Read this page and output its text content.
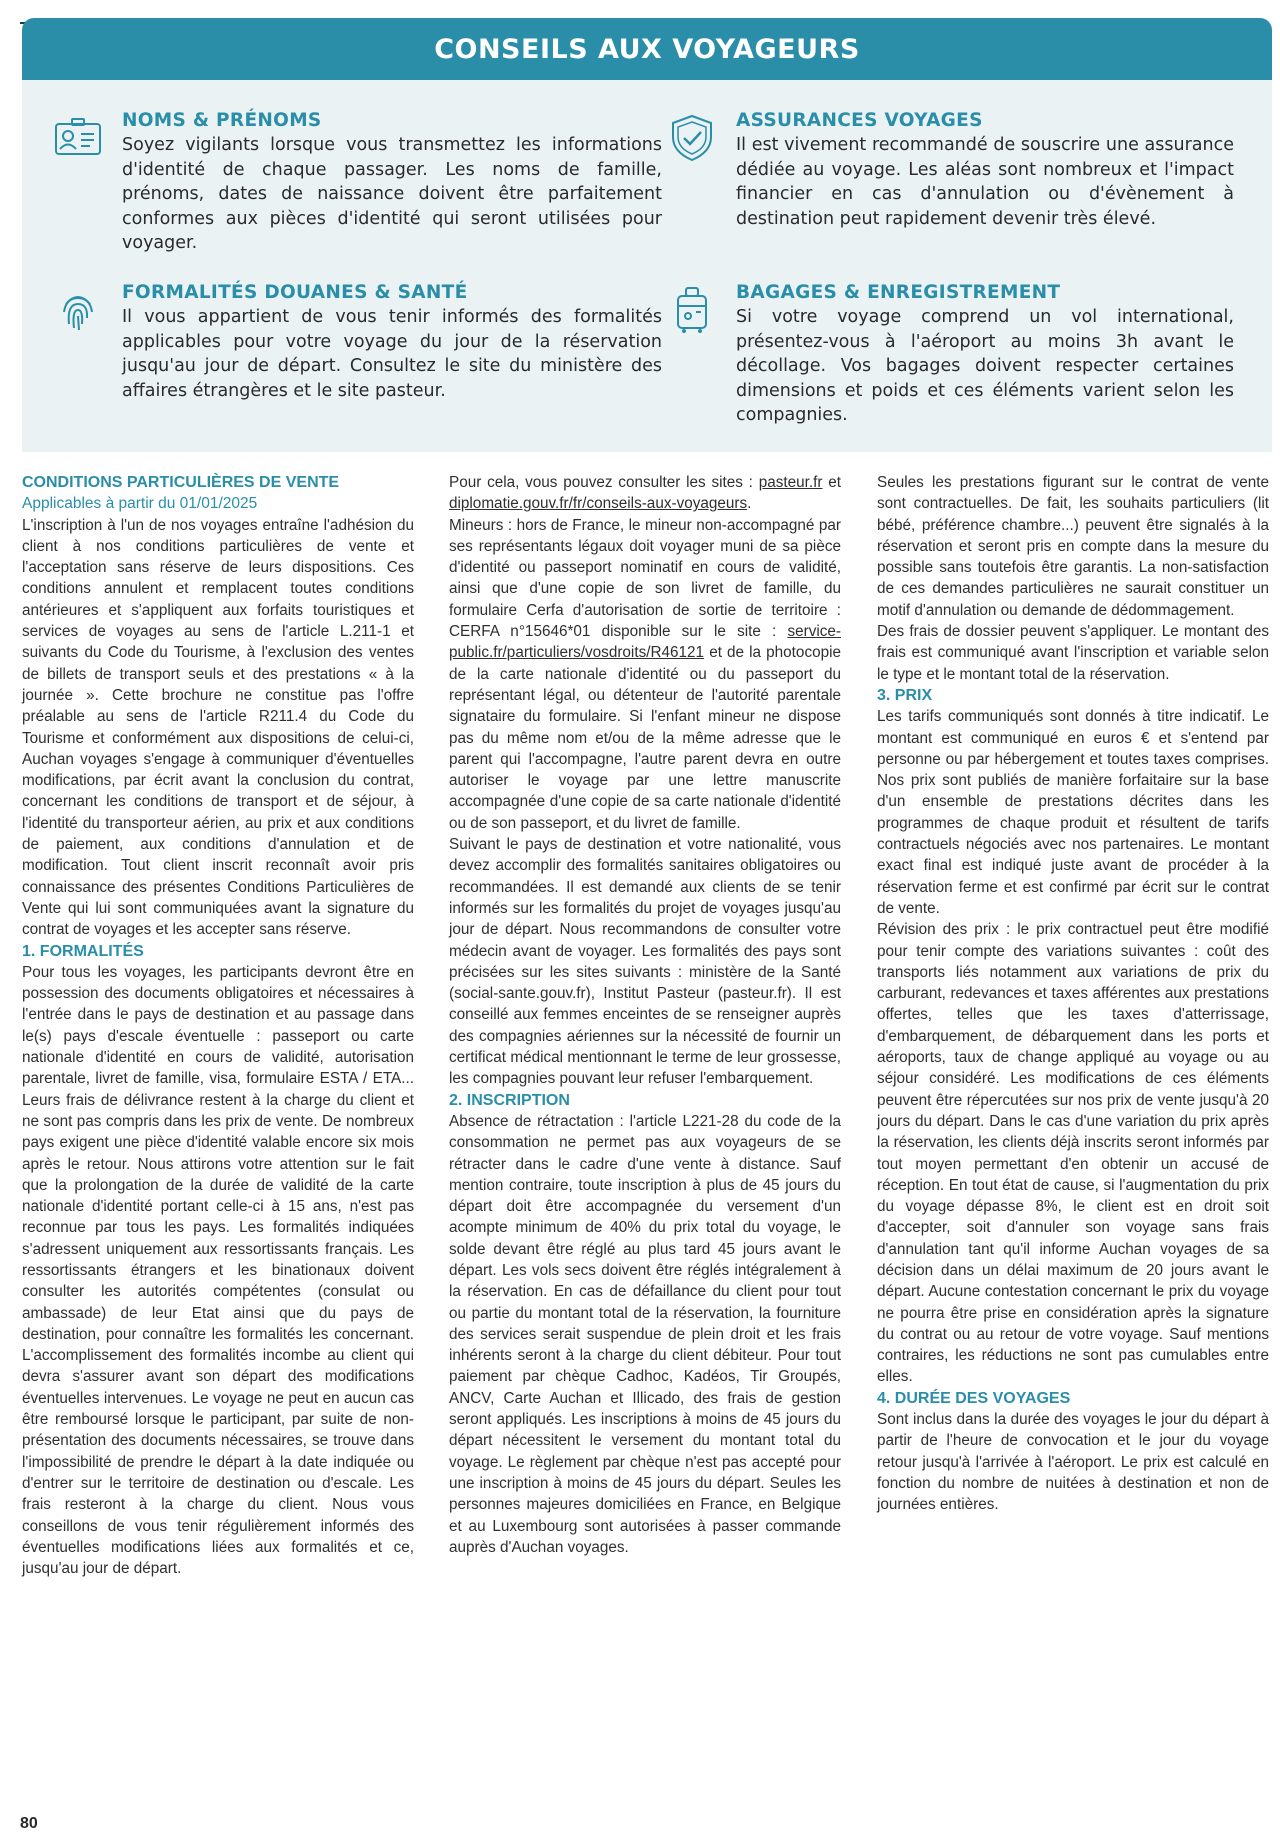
CONSEILS AUX VOYAGEURS
NOMS & PRÉNOMS

Soyez vigilants lorsque vous transmettez les informations d'identité de chaque passager. Les noms de famille, prénoms, dates de naissance doivent être parfaitement conformes aux pièces d'identité qui seront utilisées pour voyager.

ASSURANCES VOYAGES

Il est vivement recommandé de souscrire une assurance dédiée au voyage. Les aléas sont nombreux et l'impact financier en cas d'annulation ou d'évènement à destination peut rapidement devenir très élevé.

FORMALITÉS DOUANES & SANTÉ

Il vous appartient de vous tenir informés des formalités applicables pour votre voyage du jour de la réservation jusqu'au jour de départ. Consultez le site du ministère des affaires étrangères et le site pasteur.

BAGAGES & ENREGISTREMENT

Si votre voyage comprend un vol international, présentez-vous à l'aéroport au moins 3h avant le décollage. Vos bagages doivent respecter certaines dimensions et poids et ces éléments varient selon les compagnies.

CONDITIONS PARTICULIÈRES DE VENTE

Applicables à partir du 01/01/2025

L'inscription à l'un de nos voyages entraîne l'adhésion du client à nos conditions particulières de vente et l'acceptation sans réserve de leurs dispositions. Ces conditions annulent et remplacent toutes conditions antérieures et s'appliquent aux forfaits touristiques et services de voyages au sens de l'article L.211-1 et suivants du Code du Tourisme, à l'exclusion des ventes de billets de transport seuls et des prestations « à la journée ». Cette brochure ne constitue pas l'offre préalable au sens de l'article R211.4 du Code du Tourisme et conformément aux dispositions de celui-ci, Auchan voyages s'engage à communiquer d'éventuelles modifications, par écrit avant la conclusion du contrat, concernant les conditions de transport et de séjour, à l'identité du transporteur aérien, au prix et aux conditions de paiement, aux conditions d'annulation et de modification. Tout client inscrit reconnaît avoir pris connaissance des présentes Conditions Particulières de Vente qui lui sont communiquées avant la signature du contrat de voyages et les accepter sans réserve.

1. FORMALITÉS

Pour tous les voyages, les participants devront être en possession des documents obligatoires et nécessaires à l'entrée dans le pays de destination et au passage dans le(s) pays d'escale éventuelle : passeport ou carte nationale d'identité en cours de validité, autorisation parentale, livret de famille, visa, formulaire ESTA / ETA... Leurs frais de délivrance restent à la charge du client et ne sont pas compris dans les prix de vente. De nombreux pays exigent une pièce d'identité valable encore six mois après le retour. Nous attirons votre attention sur le fait que la prolongation de la durée de validité de la carte nationale d'identité portant celle-ci à 15 ans, n'est pas reconnue par tous les pays. Les formalités indiquées s'adressent uniquement aux ressortissants français. Les ressortissants étrangers et les binationaux doivent consulter les autorités compétentes (consulat ou ambassade) de leur Etat ainsi que du pays de destination, pour connaître les formalités les concernant. L'accomplissement des formalités incombe au client qui devra s'assurer avant son départ des modifications éventuelles intervenues. Le voyage ne peut en aucun cas être remboursé lorsque le participant, par suite de non-présentation des documents nécessaires, se trouve dans l'impossibilité de prendre le départ à la date indiquée ou d'entrer sur le territoire de destination ou d'escale. Les frais resteront à la charge du client. Nous vous conseillons de vous tenir régulièrement informés des éventuelles modifications liées aux formalités et ce, jusqu'au jour de départ.

Pour cela, vous pouvez consulter les sites : pasteur.fr et diplomatie.gouv.fr/fr/conseils-aux-voyageurs.

Mineurs : hors de France, le mineur non-accompagné par ses représentants légaux doit voyager muni de sa pièce d'identité ou passeport nominatif en cours de validité, ainsi que d'une copie de son livret de famille, du formulaire Cerfa d'autorisation de sortie de territoire : CERFA n°15646*01 disponible sur le site : service-public.fr/particuliers/vosdroits/R46121 et de la photocopie de la carte nationale d'identité ou du passeport du représentant légal, ou détenteur de l'autorité parentale signataire du formulaire. Si l'enfant mineur ne dispose pas du même nom et/ou de la même adresse que le parent qui l'accompagne, l'autre parent devra en outre autoriser le voyage par une lettre manuscrite accompagnée d'une copie de sa carte nationale d'identité ou de son passeport, et du livret de famille.

Suivant le pays de destination et votre nationalité, vous devez accomplir des formalités sanitaires obligatoires ou recommandées. Il est demandé aux clients de se tenir informés sur les formalités du projet de voyages jusqu'au jour de départ. Nous recommandons de consulter votre médecin avant de voyager. Les formalités des pays sont précisées sur les sites suivants : ministère de la Santé (social-sante.gouv.fr), Institut Pasteur (pasteur.fr). Il est conseillé aux femmes enceintes de se renseigner auprès des compagnies aériennes sur la nécessité de fournir un certificat médical mentionnant le terme de leur grossesse, les compagnies pouvant leur refuser l'embarquement.

2. INSCRIPTION

Absence de rétractation : l'article L221-28 du code de la consommation ne permet pas aux voyageurs de se rétracter dans le cadre d'une vente à distance. Sauf mention contraire, toute inscription à plus de 45 jours du départ doit être accompagnée du versement d'un acompte minimum de 40% du prix total du voyage, le solde devant être réglé au plus tard 45 jours avant le départ. Les vols secs doivent être réglés intégralement à la réservation. En cas de défaillance du client pour tout ou partie du montant total de la réservation, la fourniture des services serait suspendue de plein droit et les frais inhérents seront à la charge du client débiteur. Pour tout paiement par chèque Cadhoc, Kadéos, Tir Groupés, ANCV, Carte Auchan et Illicado, des frais de gestion seront appliqués. Les inscriptions à moins de 45 jours du départ nécessitent le versement du montant total du voyage. Le règlement par chèque n'est pas accepté pour une inscription à moins de 45 jours du départ. Seules les personnes majeures domiciliées en France, en Belgique et au Luxembourg sont autorisées à passer commande auprès d'Auchan voyages.

Seules les prestations figurant sur le contrat de vente sont contractuelles. De fait, les souhaits particuliers (lit bébé, préférence chambre...) peuvent être signalés à la réservation et seront pris en compte dans la mesure du possible sans toutefois être garantis. La non-satisfaction de ces demandes particulières ne saurait constituer un motif d'annulation ou demande de dédommagement.

Des frais de dossier peuvent s'appliquer. Le montant des frais est communiqué avant l'inscription et variable selon le type et le montant total de la réservation.

3. PRIX

Les tarifs communiqués sont donnés à titre indicatif. Le montant est communiqué en euros € et s'entend par personne ou par hébergement et toutes taxes comprises. Nos prix sont publiés de manière forfaitaire sur la base d'un ensemble de prestations décrites dans les programmes de chaque produit et résultent de tarifs contractuels négociés avec nos partenaires. Le montant exact final est indiqué juste avant de procéder à la réservation ferme et est confirmé par écrit sur le contrat de vente.

Révision des prix : le prix contractuel peut être modifié pour tenir compte des variations suivantes : coût des transports liés notamment aux variations de prix du carburant, redevances et taxes afférentes aux prestations offertes, telles que les taxes d'atterrissage, d'embarquement, de débarquement dans les ports et aéroports, taux de change appliqué au voyage ou au séjour considéré. Les modifications de ces éléments peuvent être répercutées sur nos prix de vente jusqu'à 20 jours du départ. Dans le cas d'une variation du prix après la réservation, les clients déjà inscrits seront informés par tout moyen permettant d'en obtenir un accusé de réception. En tout état de cause, si l'augmentation du prix du voyage dépasse 8%, le client est en droit soit d'accepter, soit d'annuler son voyage sans frais d'annulation tant qu'il informe Auchan voyages de sa décision dans un délai maximum de 20 jours avant le départ. Aucune contestation concernant le prix du voyage ne pourra être prise en considération après la signature du contrat ou au retour de votre voyage. Sauf mentions contraires, les réductions ne sont pas cumulables entre elles.

4. DURÉE DES VOYAGES

Sont inclus dans la durée des voyages le jour du départ à partir de l'heure de convocation et le jour du voyage retour jusqu'à l'arrivée à l'aéroport. Le prix est calculé en fonction du nombre de nuitées à destination et non de journées entières.

80
